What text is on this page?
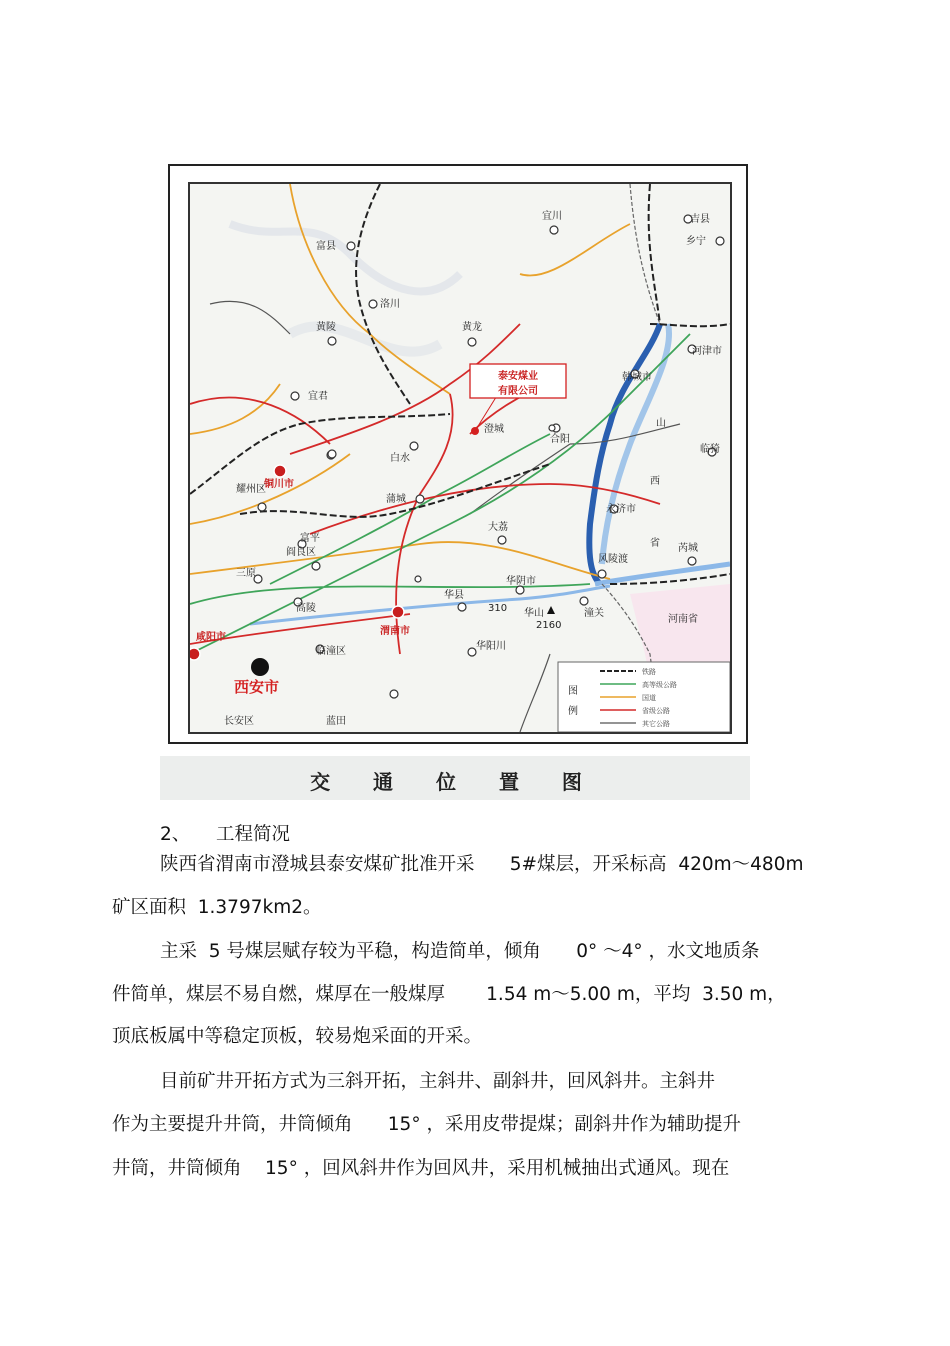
310
泰安煤业
有限公司
宜川	吉县
乡宁
富县
洛川
黄龙
黄陵
河津市
宜君
韩城市
澄城
合阳
白水
铜川市
耀州区
临猗
蒲城
永济市
富平
阎良区
大荔
芮城
三原
风陵渡
华阴市
高陵
华县
潼关
华山
2160
河南省
咸阳市
渭南市
临潼区	华阳川
西安市
长安区	蓝田
山
西
省
图
例
铁路
高等级公路
国道
省级公路
其它公路
交 通 位 置 图
2、 工程简况
陕西省渭南市澄城县泰安煤矿批准开采      5#煤层，开采标高  420m～480m
矿区面积  1.3797km2。
主采  5 号煤层赋存较为平稳，构造简单，倾角      0° ～4° ，水文地质条
件简单，煤层不易自燃，煤厚在一般煤厚       1.54 m～5.00 m，平均  3.50 m，
顶底板属中等稳定顶板，较易炮采面的开采。
目前矿井开拓方式为三斜开拓，主斜井、副斜井，回风斜井。主斜井
作为主要提升井筒，井筒倾角      15° ，采用皮带提煤；副斜井作为辅助提升
井筒，井筒倾角    15° ，回风斜井作为回风井，采用机械抽出式通风。现在
